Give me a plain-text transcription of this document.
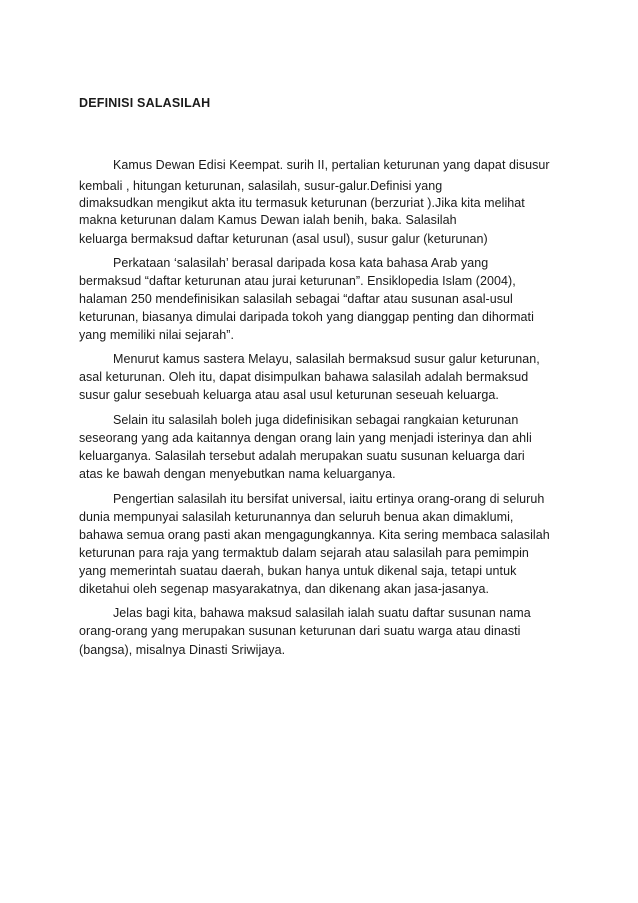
DEFINISI SALASILAH
Kamus Dewan Edisi Keempat. surih II, pertalian keturunan yang dapat disusur
kembali , hitungan keturunan, salasilah, susur-galur.Definisi yang
dimaksudkan mengikut akta itu termasuk keturunan (berzuriat ).Jika kita melihat
makna keturunan dalam Kamus Dewan ialah benih, baka. Salasilah
keluarga bermaksud daftar keturunan (asal usul), susur galur (keturunan)
Perkataan ‘salasilah’ berasal daripada kosa kata bahasa Arab yang
bermaksud “daftar keturunan atau jurai keturunan”. Ensiklopedia Islam (2004),
halaman 250 mendefinisikan salasilah sebagai “daftar atau susunan asal-usul
keturunan, biasanya dimulai daripada tokoh yang dianggap penting dan dihormati
yang memiliki nilai sejarah”.
Menurut kamus sastera Melayu, salasilah bermaksud susur galur keturunan,
asal keturunan. Oleh itu, dapat disimpulkan bahawa salasilah adalah bermaksud
susur galur sesebuah keluarga atau asal usul keturunan seseuah keluarga.
Selain itu salasilah boleh juga didefinisikan sebagai rangkaian keturunan
seseorang yang ada kaitannya dengan orang lain yang menjadi isterinya dan ahli
keluarganya. Salasilah tersebut adalah merupakan suatu susunan keluarga dari
atas ke bawah dengan menyebutkan nama keluarganya.
Pengertian salasilah itu bersifat universal, iaitu ertinya orang-orang di seluruh
dunia mempunyai salasilah keturunannya dan seluruh benua akan dimaklumi,
bahawa semua orang pasti akan mengagungkannya. Kita sering membaca salasilah
keturunan para raja yang termaktub dalam sejarah atau salasilah para pemimpin
yang memerintah suatau daerah, bukan hanya untuk dikenal saja, tetapi untuk
diketahui oleh segenap masyarakatnya, dan dikenang akan jasa-jasanya.
Jelas bagi kita, bahawa maksud salasilah ialah suatu daftar susunan nama
orang-orang yang merupakan susunan keturunan dari suatu warga atau dinasti
(bangsa), misalnya Dinasti Sriwijaya.
